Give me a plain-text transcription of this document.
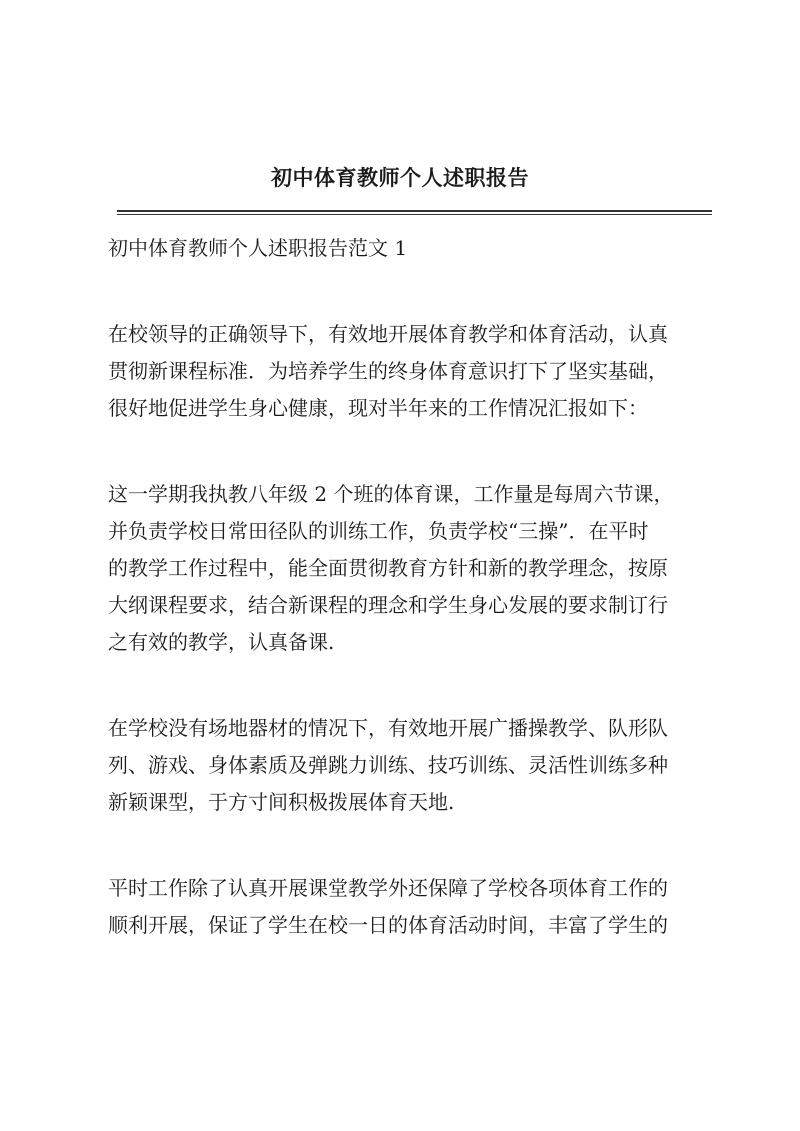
初中体育教师个人述职报告

初中体育教师个人述职报告范文 1

在校领导的正确领导下，有效地开展体育教学和体育活动，认真
贯彻新课程标准．为培养学生的终身体育意识打下了坚实基础，
很好地促进学生身心健康，现对半年来的工作情况汇报如下：

这一学期我执教八年级 2 个班的体育课，工作量是每周六节课，
并负责学校日常田径队的训练工作，负责学校“三操”．在平时
的教学工作过程中，能全面贯彻教育方针和新的教学理念，按原
大纲课程要求，结合新课程的理念和学生身心发展的要求制订行
之有效的教学，认真备课.

在学校没有场地器材的情况下，有效地开展广播操教学、队形队
列、游戏、身体素质及弹跳力训练、技巧训练、灵活性训练多种
新颖课型，于方寸间积极拨展体育天地.

平时工作除了认真开展课堂教学外还保障了学校各项体育工作的
顺利开展，保证了学生在校一日的体育活动时间，丰富了学生的
